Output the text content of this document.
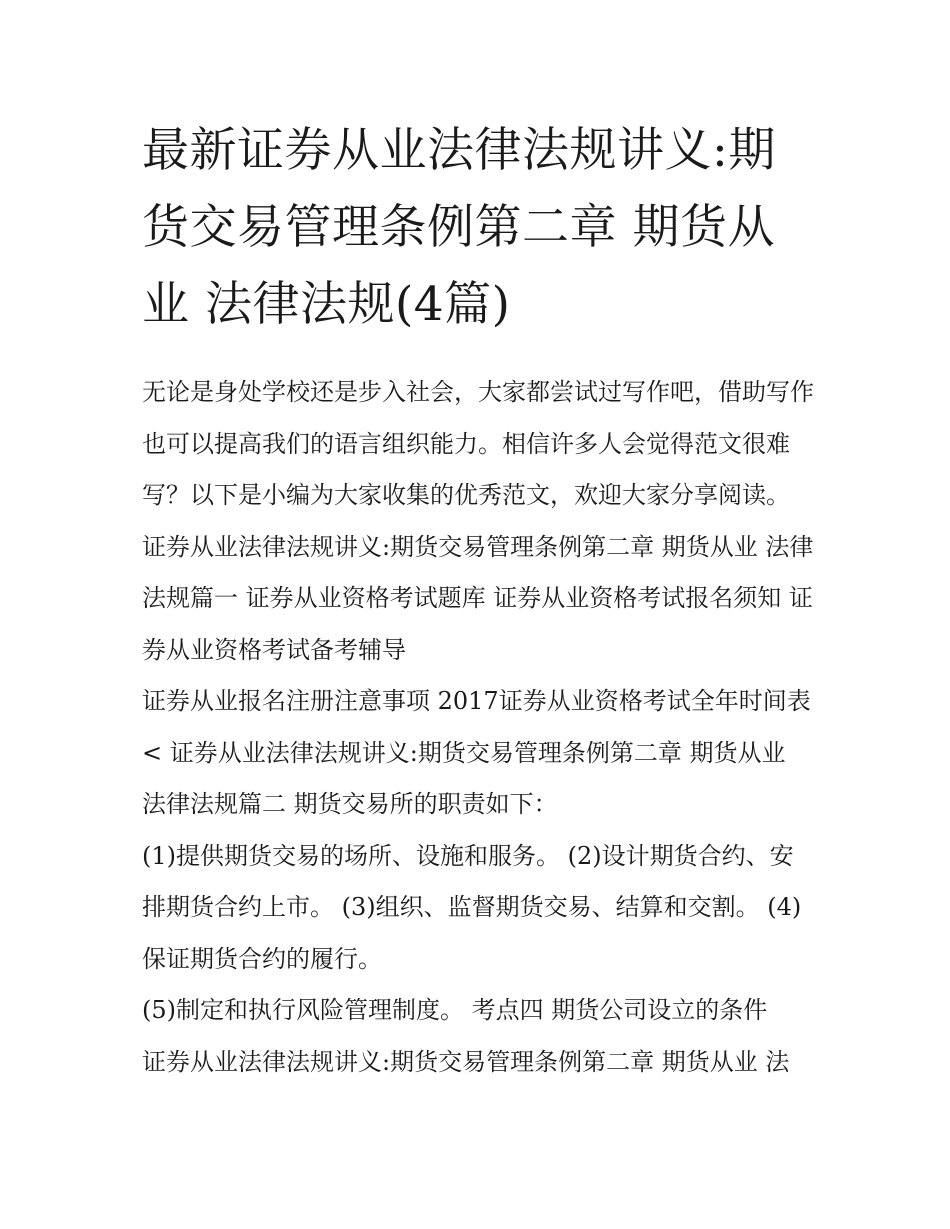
最新证券从业法律法规讲义:期货交易管理条例第二章 期货从业 法律法规(4篇)

无论是身处学校还是步入社会，大家都尝试过写作吧，借助写作也可以提高我们的语言组织能力。相信许多人会觉得范文很难写？以下是小编为大家收集的优秀范文，欢迎大家分享阅读。

证券从业法律法规讲义:期货交易管理条例第二章 期货从业 法律法规篇一 证券从业资格考试题库 证券从业资格考试报名须知 证券从业资格考试备考辅导

证券从业报名注册注意事项 2017证券从业资格考试全年时间表< 证券从业法律法规讲义:期货交易管理条例第二章 期货从业 法律法规篇二 期货交易所的职责如下：

(1)提供期货交易的场所、设施和服务。 (2)设计期货合约、安排期货合约上市。 (3)组织、监督期货交易、结算和交割。 (4)保证期货合约的履行。

(5)制定和执行风险管理制度。 考点四 期货公司设立的条件

证券从业法律法规讲义:期货交易管理条例第二章 期货从业 法
